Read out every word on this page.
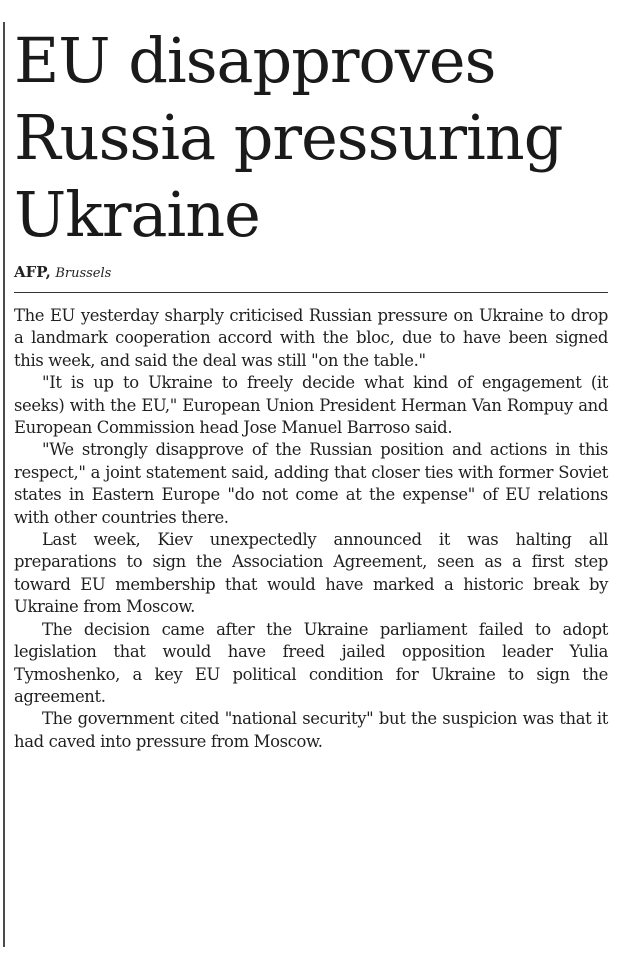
EU disapproves
Russia pressuring
Ukraine
AFP, Brussels

The EU yesterday sharply criticised Russian pressure on Ukraine to drop a landmark cooperation accord with the bloc, due to have been signed this week, and said the deal was still "on the table."

"It is up to Ukraine to freely decide what kind of engagement (it seeks) with the EU," European Union President Herman Van Rompuy and European Commission head Jose Manuel Barroso said.

"We strongly disapprove of the Russian position and actions in this respect," a joint statement said, adding that closer ties with former Soviet states in Eastern Europe "do not come at the expense" of EU relations with other countries there.

Last week, Kiev unexpectedly announced it was halting all preparations to sign the Association Agreement, seen as a first step toward EU membership that would have marked a historic break by Ukraine from Moscow.

The decision came after the Ukraine parliament failed to adopt legislation that would have freed jailed opposition leader Yulia Tymoshenko, a key EU political condition for Ukraine to sign the agreement.

The government cited "national security" but the suspicion was that it had caved into pressure from Moscow.
